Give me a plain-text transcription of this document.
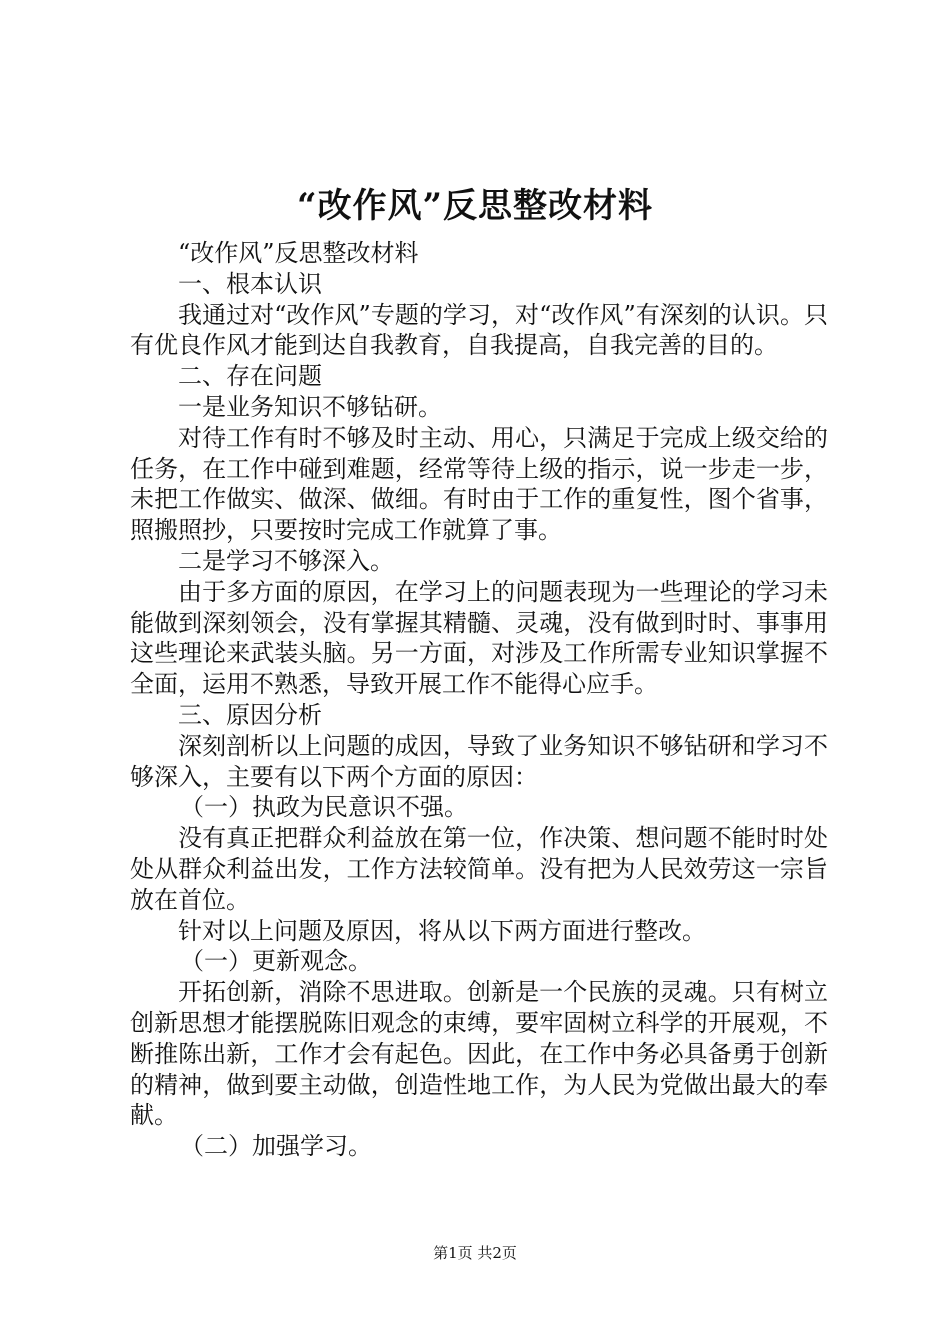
“改作风”反思整改材料

“改作风”反思整改材料

一、根本认识

我通过对“改作风”专题的学习，对“改作风”有深刻的认识。只有优良作风才能到达自我教育，自我提高，自我完善的目的。

二、存在问题

一是业务知识不够钻研。

对待工作有时不够及时主动、用心，只满足于完成上级交给的任务，在工作中碰到难题，经常等待上级的指示，说一步走一步，未把工作做实、做深、做细。有时由于工作的重复性，图个省事，照搬照抄，只要按时完成工作就算了事。

二是学习不够深入。

由于多方面的原因，在学习上的问题表现为一些理论的学习未能做到深刻领会，没有掌握其精髓、灵魂，没有做到时时、事事用这些理论来武装头脑。另一方面，对涉及工作所需专业知识掌握不全面，运用不熟悉，导致开展工作不能得心应手。

三、原因分析

深刻剖析以上问题的成因，导致了业务知识不够钻研和学习不够深入，主要有以下两个方面的原因：

（一）执政为民意识不强。

没有真正把群众利益放在第一位，作决策、想问题不能时时处处从群众利益出发，工作方法较简单。没有把为人民效劳这一宗旨放在首位。

针对以上问题及原因，将从以下两方面进行整改。

（一）更新观念。

开拓创新，消除不思进取。创新是一个民族的灵魂。只有树立创新思想才能摆脱陈旧观念的束缚，要牢固树立科学的开展观，不断推陈出新，工作才会有起色。因此，在工作中务必具备勇于创新的精神，做到要主动做，创造性地工作，为人民为党做出最大的奉献。

（二）加强学习。

第1页 共2页
